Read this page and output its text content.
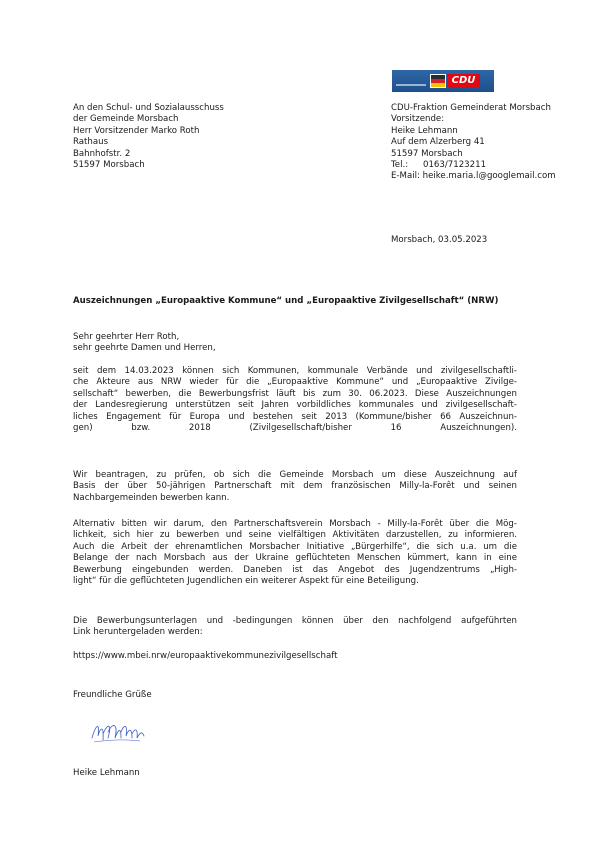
CDU
An den Schul- und Sozialausschuss
der Gemeinde Morsbach
Herr Vorsitzender Marko Roth
Rathaus
Bahnhofstr. 2
51597 Morsbach
CDU-Fraktion Gemeinderat Morsbach
Vorsitzende:
Heike Lehmann
Auf dem Alzerberg 41
51597 Morsbach
Tel.: 0163/7123211
E-Mail: heike.maria.l@googlemail.com
Morsbach, 03.05.2023
Auszeichnungen „Europaaktive Kommune“ und „Europaaktive Zivilgesellschaft“ (NRW)
Sehr geehrter Herr Roth,
sehr geehrte Damen und Herren,
seit dem 14.03.2023 können sich Kommunen, kommunale Verbände und zivilgesellschaftli-
che Akteure aus NRW wieder für die „Europaaktive Kommune“ und „Europaaktive Zivilge-
sellschaft“ bewerben, die Bewerbungsfrist läuft bis zum 30. 06.2023. Diese Auszeichnungen
der Landesregierung unterstützen seit Jahren vorbildliches kommunales und zivilgesellschaft-
liches Engagement für Europa und bestehen seit 2013 (Kommune/bisher 66 Auszeichnun-
gen) bzw. 2018 (Zivilgesellschaft/bisher 16 Auszeichnungen).
Wir beantragen, zu prüfen, ob sich die Gemeinde Morsbach um diese Auszeichnung auf
Basis der über 50-jährigen Partnerschaft mit dem französischen Milly-la-Forêt und seinen
Nachbargemeinden bewerben kann.
Alternativ bitten wir darum, den Partnerschaftsverein Morsbach - Milly-la-Forêt über die Mög-
lichkeit, sich hier zu bewerben und seine vielfältigen Aktivitäten darzustellen, zu informieren.
Auch die Arbeit der ehrenamtlichen Morsbacher Initiative „Bürgerhilfe“, die sich u.a. um die
Belange der nach Morsbach aus der Ukraine geflüchteten Menschen kümmert, kann in eine
Bewerbung eingebunden werden. Daneben ist das Angebot des Jugendzentrums „High-
light“ für die geflüchteten Jugendlichen ein weiterer Aspekt für eine Beteiligung.
Die Bewerbungsunterlagen und -bedingungen können über den nachfolgend aufgeführten
Link heruntergeladen werden:
https://www.mbei.nrw/europaaktivekommunezivilgesellschaft
Freundliche Grüße
Heike Lehmann
